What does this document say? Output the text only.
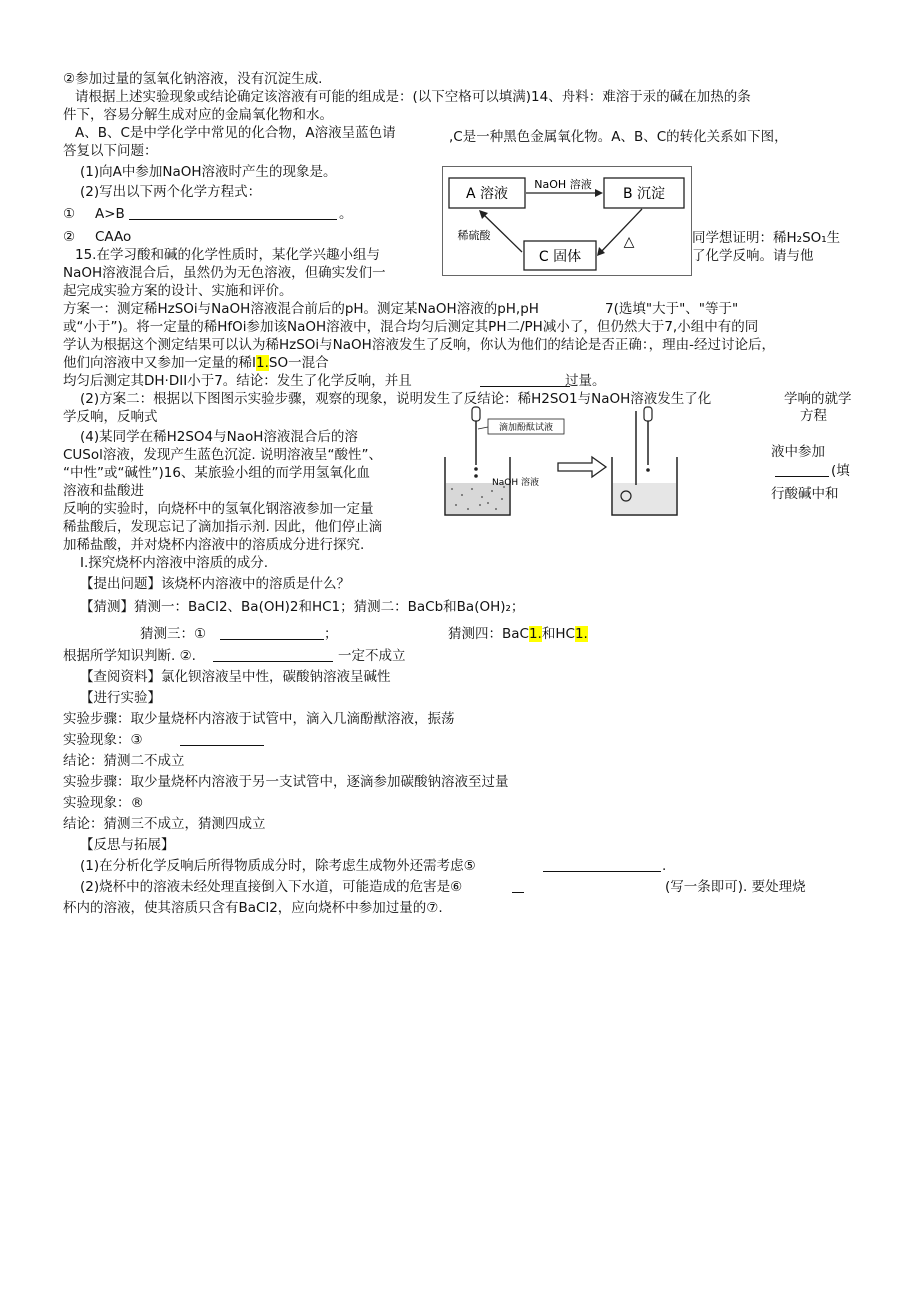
②参加过量的氢氧化钠溶液，没有沉淀生成.
请根据上述实验现象或结论确定该溶液有可能的组成是：(以下空格可以填满)14、舟料：难溶于汞的碱在加热的条
件下，容易分解生成对应的金扁氧化物和水。
A、B、C是中学化学中常见的化合物，A溶液呈蓝色请	,C是一种黑色金属氧化物。A、B、C的转化关系如下图，
答复以下问题：
(1)向A中参加NaOH溶液时产生的现象是。
(2)写出以下两个化学方程式：
① A>B	。
② CAAo
15.在学习酸和碱的化学性质时，某化学兴趣小组与
同学想证明：稀H₂SO₁生
NaOH溶液混合后，虽然仍为无色溶液，但确实发们一
了化学反响。请与他
起完成实验方案的设计、实施和评价。
方案一：测定稀HzSOi与NaOH溶液混合前后的pH。测定某NaOH溶液的pH,pH	7(选填"大于"、"等于"
或“小于”)。将一定量的稀HfOi参加该NaOH溶液中，混合均匀后测定其PH二/PH减小了，但仍然大于7,小组中有的同
学认为根据这个测定结果可以认为稀HzSOi与NaOH溶液发生了反响，你认为他们的结论是否正确：，理由-经过讨论后，
他们向溶液中又参加一定量的稀I1.SO一混合
均匀后测定其DH·DII小于7。结论：发生了化学反响，并且	过量。
(2)方案二：根据以下图图示实验步骤，观察的现象，说明发生了反结论：稀H2SO1与NaOH溶液发生了化	学响的就学
学反响，反响式	方程
(4)某同学在稀H2SO4与NaoH溶液混合后的溶
CUSol溶液，发现产生蓝色沉淀. 说明溶液呈“酸性”、	液中参加
“中性”或“碱性”)16、某旅验小组的而学用氢氧化血	(填
溶液和盐酸进
反响的实验时，向烧杯中的氢氧化钢溶液参加一定量
行酸碱中和
稀盐酸后，发现忘记了滴加指示剂. 因此，他们停止滴
加稀盐酸，并对烧杯内溶液中的溶质成分进行探究.
I.探究烧杯内溶液中溶质的成分.
【提出问题】该烧杯内溶液中的溶质是什么？
【猜测】猜测一：BaCI2、Ba(OH)2和HC1；猜测二：BaCb和Ba(OH)₂；
猜测三：①	；	猜测四：BaC1.和HC1.
根据所学知识判断. ②.	一定不成立
【查阅资料】氯化钡溶液呈中性，碳酸钠溶液呈碱性
【进行实验】
实验步骤：取少量烧杯内溶液于试管中，滴入几滴酚猷溶液，振荡
实验现象：③
结论：猜测二不成立
实验步骤：取少量烧杯内溶液于另一支试管中，逐滴参加碳酸钠溶液至过量
实验现象：®
结论：猜测三不成立，猜测四成立
【反思与拓展】
(1)在分析化学反响后所得物质成分时，除考虑生成物外还需考虑⑤	.
(2)烧杯中的溶液未经处理直接倒入下水道，可能造成的危害是⑥	(写一条即可). 要处理烧
杯内的溶液，使其溶质只含有BaCl2，应向烧杯中参加过量的⑦.
A 溶液	B 沉淀
C 固体
NaOH 溶液
△
稀硫酸
滴加酚酞试液
NaOH 溶液
